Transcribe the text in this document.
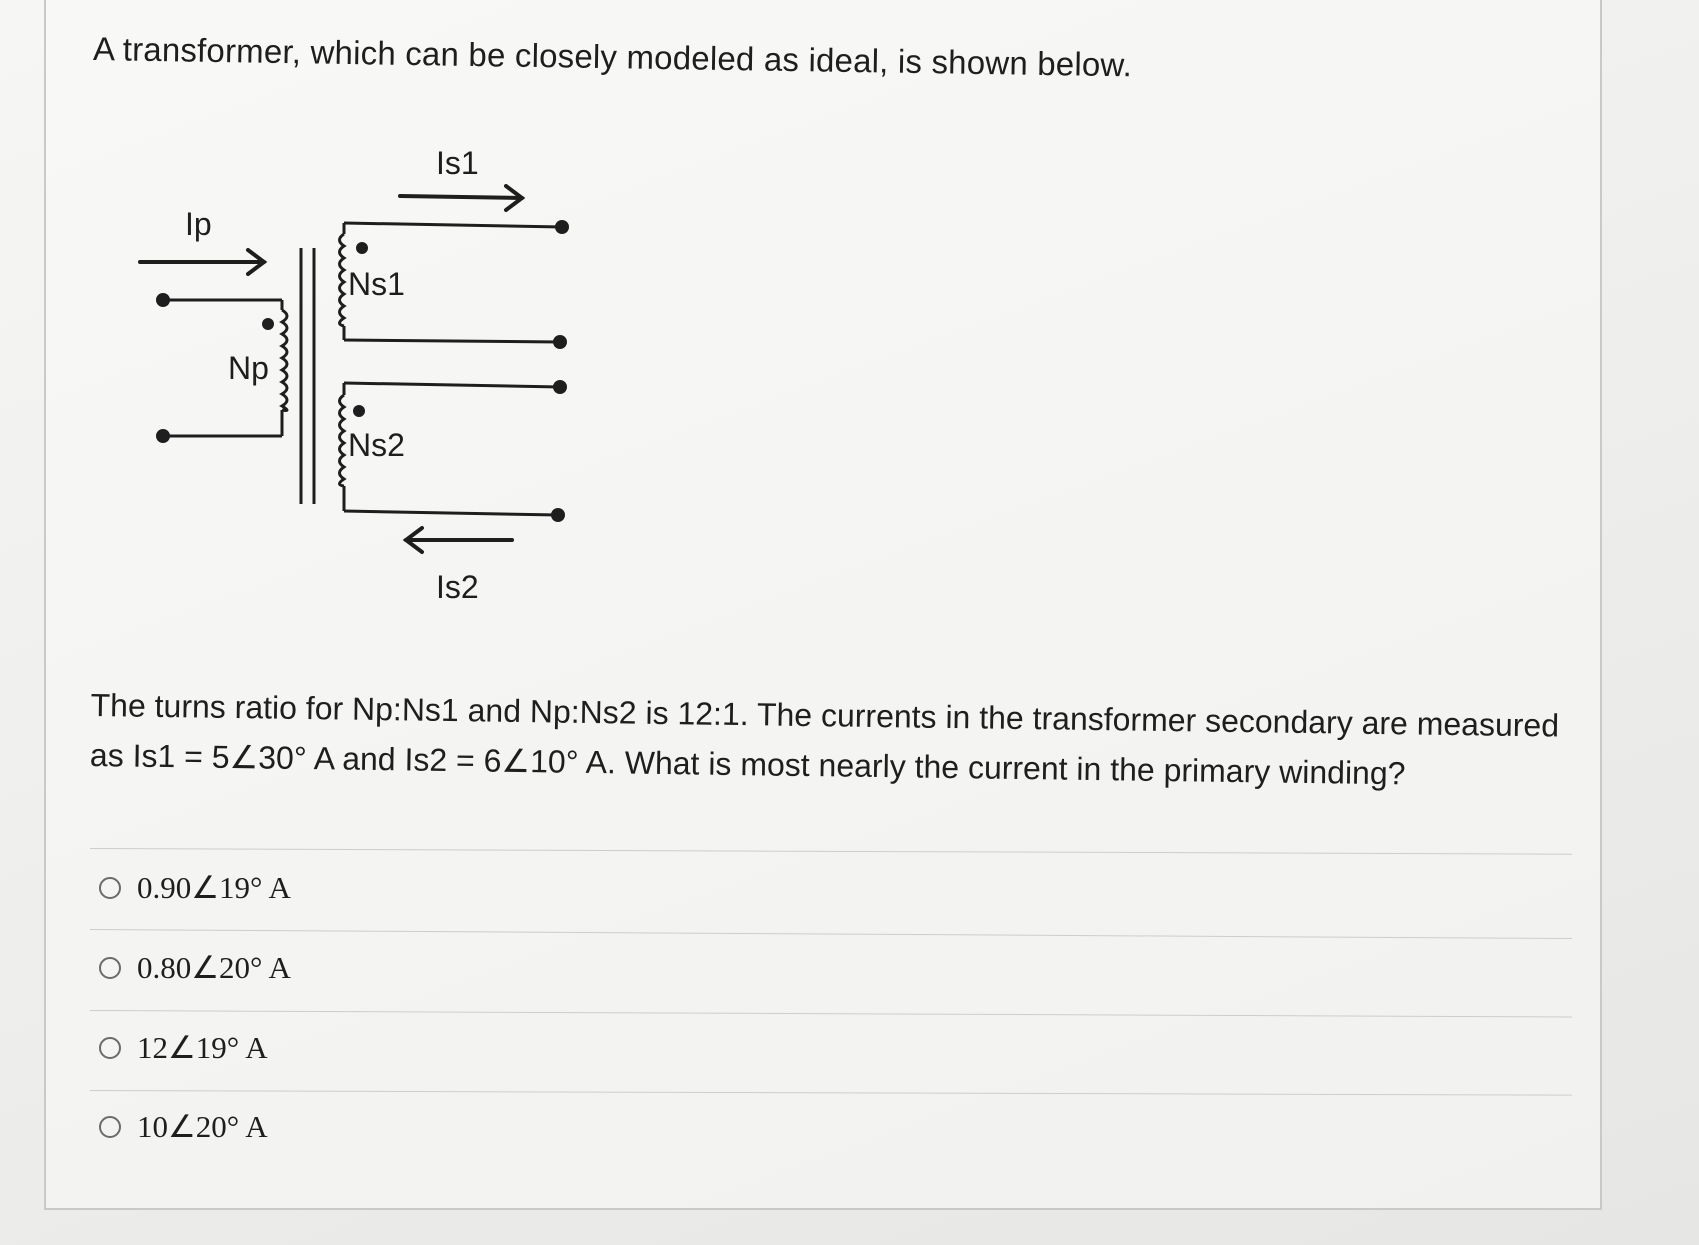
A transformer, which can be closely modeled as ideal, is shown below.
Ip
Np
Ns1
Is1
Ns2
Is2
The turns ratio for Np:Ns1 and Np:Ns2 is 12:1. The currents in the transformer secondary are measured as Is1 = 5∠30° A and Is2 = 6∠10° A. What is most nearly the current in the primary winding?
0.90∠19° A
0.80∠20° A
12∠19° A
10∠20° A
